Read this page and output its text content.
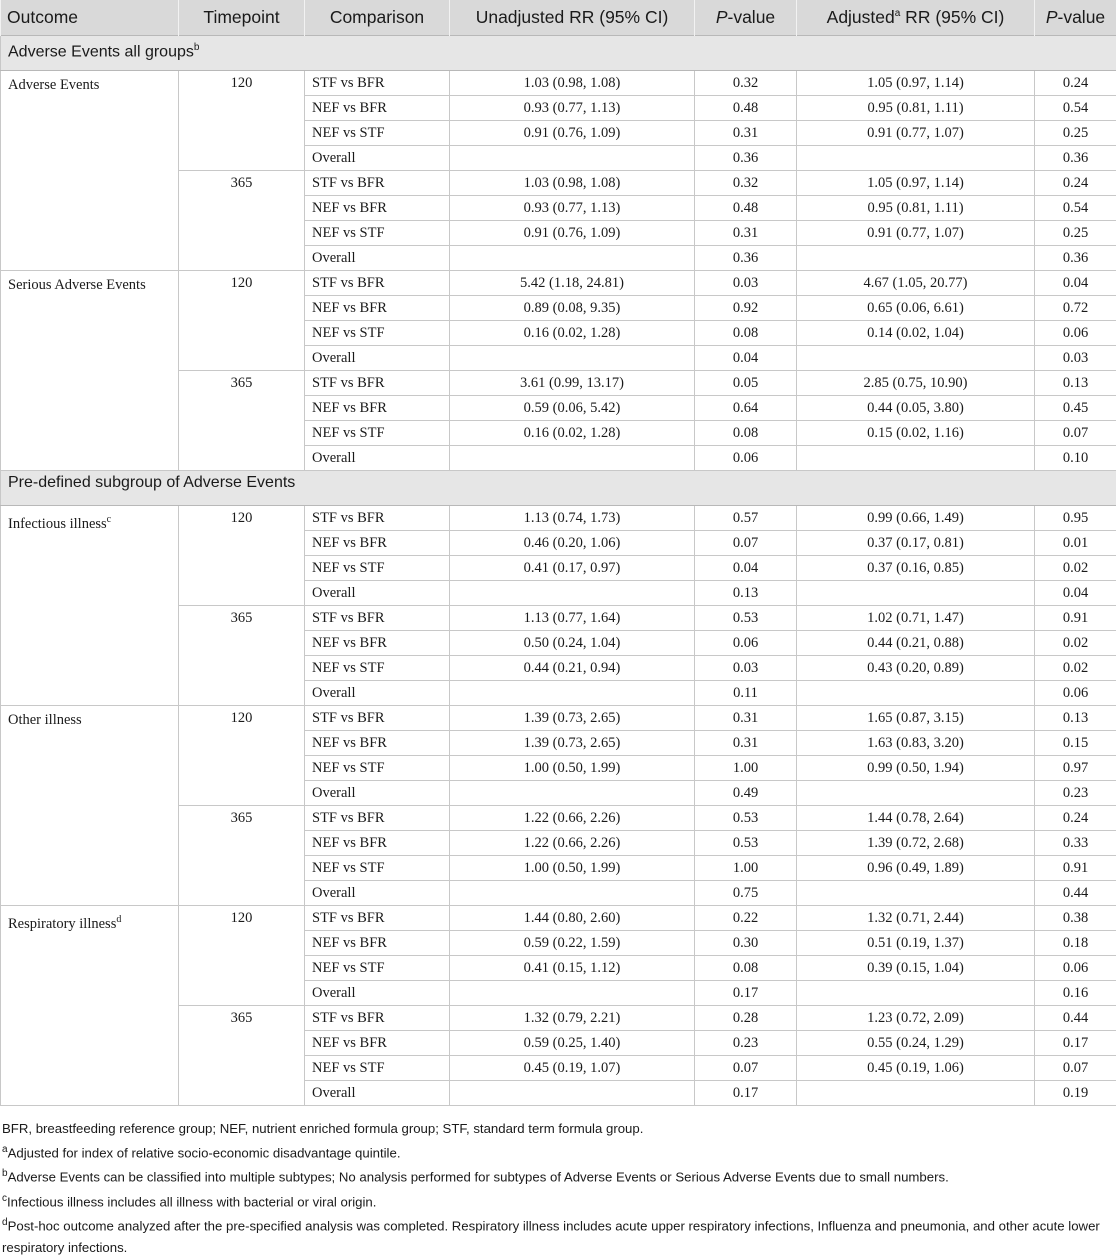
Outcome	Timepoint	Comparison	Unadjusted RR (95% CI)	P-value	Adjusted$^a$ RR (95% CI)	P-value
Adverse Events all groups$^b$
Adverse Events	120	STF vs BFR	1.03 (0.98, 1.08)	0.32	1.05 (0.97, 1.14)	0.24
		NEF vs BFR	0.93 (0.77, 1.13)	0.48	0.95 (0.81, 1.11)	0.54
		NEF vs STF	0.91 (0.76, 1.09)	0.31	0.91 (0.77, 1.07)	0.25
		Overall		0.36		0.36
	365	STF vs BFR	1.03 (0.98, 1.08)	0.32	1.05 (0.97, 1.14)	0.24
		NEF vs BFR	0.93 (0.77, 1.13)	0.48	0.95 (0.81, 1.11)	0.54
		NEF vs STF	0.91 (0.76, 1.09)	0.31	0.91 (0.77, 1.07)	0.25
		Overall		0.36		0.36
Serious Adverse Events	120	STF vs BFR	5.42 (1.18, 24.81)	0.03	4.67 (1.05, 20.77)	0.04
		NEF vs BFR	0.89 (0.08, 9.35)	0.92	0.65 (0.06, 6.61)	0.72
		NEF vs STF	0.16 (0.02, 1.28)	0.08	0.14 (0.02, 1.04)	0.06
		Overall		0.04		0.03
	365	STF vs BFR	3.61 (0.99, 13.17)	0.05	2.85 (0.75, 10.90)	0.13
		NEF vs BFR	0.59 (0.06, 5.42)	0.64	0.44 (0.05, 3.80)	0.45
		NEF vs STF	0.16 (0.02, 1.28)	0.08	0.15 (0.02, 1.16)	0.07
		Overall		0.06		0.10
Pre-defined subgroup of Adverse Events						
Infectious illness$^c$	120	STF vs BFR	1.13 (0.74, 1.73)	0.57	0.99 (0.66, 1.49)	0.95
		NEF vs BFR	0.46 (0.20, 1.06)	0.07	0.37 (0.17, 0.81)	0.01
		NEF vs STF	0.41 (0.17, 0.97)	0.04	0.37 (0.16, 0.85)	0.02
		Overall		0.13		0.04
	365	STF vs BFR	1.13 (0.77, 1.64)	0.53	1.02 (0.71, 1.47)	0.91
		NEF vs BFR	0.50 (0.24, 1.04)	0.06	0.44 (0.21, 0.88)	0.02
		NEF vs STF	0.44 (0.21, 0.94)	0.03	0.43 (0.20, 0.89)	0.02
		Overall		0.11		0.06
Other illness	120	STF vs BFR	1.39 (0.73, 2.65)	0.31	1.65 (0.87, 3.15)	0.13
		NEF vs BFR	1.39 (0.73, 2.65)	0.31	1.63 (0.83, 3.20)	0.15
		NEF vs STF	1.00 (0.50, 1.99)	1.00	0.99 (0.50, 1.94)	0.97
		Overall		0.49		0.23
	365	STF vs BFR	1.22 (0.66, 2.26)	0.53	1.44 (0.78, 2.64)	0.24
		NEF vs BFR	1.22 (0.66, 2.26)	0.53	1.39 (0.72, 2.68)	0.33
		NEF vs STF	1.00 (0.50, 1.99)	1.00	0.96 (0.49, 1.89)	0.91
		Overall		0.75		0.44
Respiratory illness$^d$	120	STF vs BFR	1.44 (0.80, 2.60)	0.22	1.32 (0.71, 2.44)	0.38
		NEF vs BFR	0.59 (0.22, 1.59)	0.30	0.51 (0.19, 1.37)	0.18
		NEF vs STF	0.41 (0.15, 1.12)	0.08	0.39 (0.15, 1.04)	0.06
		Overall		0.17		0.16
	365	STF vs BFR	1.32 (0.79, 2.21)	0.28	1.23 (0.72, 2.09)	0.44
		NEF vs BFR	0.59 (0.25, 1.40)	0.23	0.55 (0.24, 1.29)	0.17
		NEF vs STF	0.45 (0.19, 1.07)	0.07	0.45 (0.19, 1.06)	0.07
		Overall		0.17		0.19

BFR, breastfeeding reference group; NEF, nutrient enriched formula group; STF, standard term formula group.

$^a$Adjusted for index of relative socio-economic disadvantage quintile.

$^b$Adverse Events can be classified into multiple subtypes; No analysis performed for subtypes of Adverse Events or Serious Adverse Events due to small numbers.

$^c$Infectious illness includes all illness with bacterial or viral origin.

$^d$Post-hoc outcome analyzed after the pre-specified analysis was completed. Respiratory illness includes acute upper respiratory infections, Influenza and pneumonia, and other acute lower respiratory infections.
